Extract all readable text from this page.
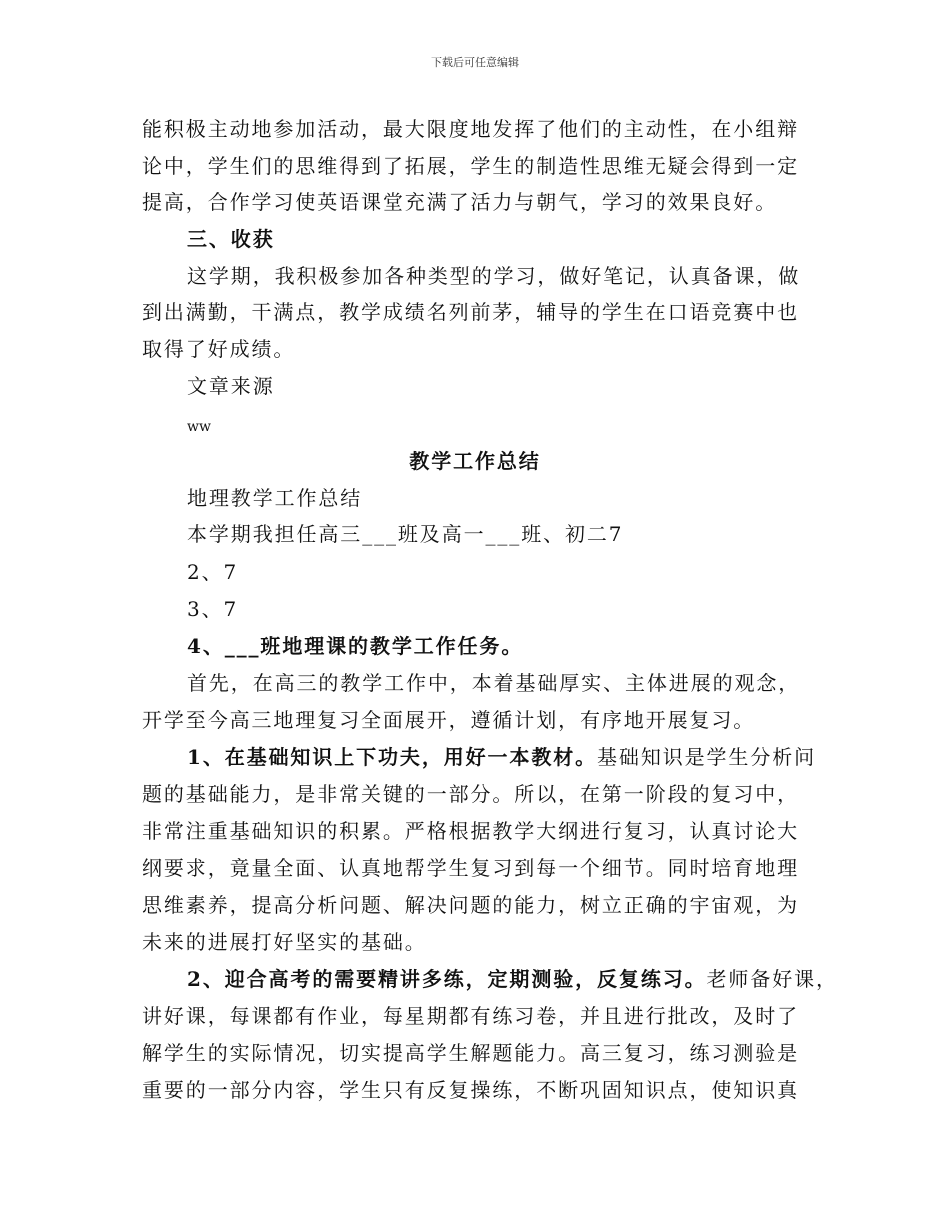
下载后可任意编辑
能积极主动地参加活动，最大限度地发挥了他们的主动性，在小组辩
论中，学生们的思维得到了拓展，学生的制造性思维无疑会得到一定
提高，合作学习使英语课堂充满了活力与朝气，学习的效果良好。
三、收获
这学期，我积极参加各种类型的学习，做好笔记，认真备课，做
到出满勤，干满点，教学成绩名列前茅，辅导的学生在口语竞赛中也
取得了好成绩。
文章来源
ww
教学工作总结
地理教学工作总结
本学期我担任高三___班及高一___班、初二7
2、7
3、7
4、___班地理课的教学工作任务。
首先，在高三的教学工作中，本着基础厚实、主体进展的观念，
开学至今高三地理复习全面展开，遵循计划，有序地开展复习。
1、在基础知识上下功夫，用好一本教材。基础知识是学生分析问
题的基础能力，是非常关键的一部分。所以，在第一阶段的复习中，
非常注重基础知识的积累。严格根据教学大纲进行复习，认真讨论大
纲要求，竟量全面、认真地帮学生复习到每一个细节。同时培育地理
思维素养，提高分析问题、解决问题的能力，树立正确的宇宙观，为
未来的进展打好坚实的基础。
2、迎合高考的需要精讲多练，定期测验，反复练习。老师备好课，
讲好课，每课都有作业，每星期都有练习卷，并且进行批改，及时了
解学生的实际情况，切实提高学生解题能力。高三复习，练习测验是
重要的一部分内容，学生只有反复操练，不断巩固知识点，使知识真
